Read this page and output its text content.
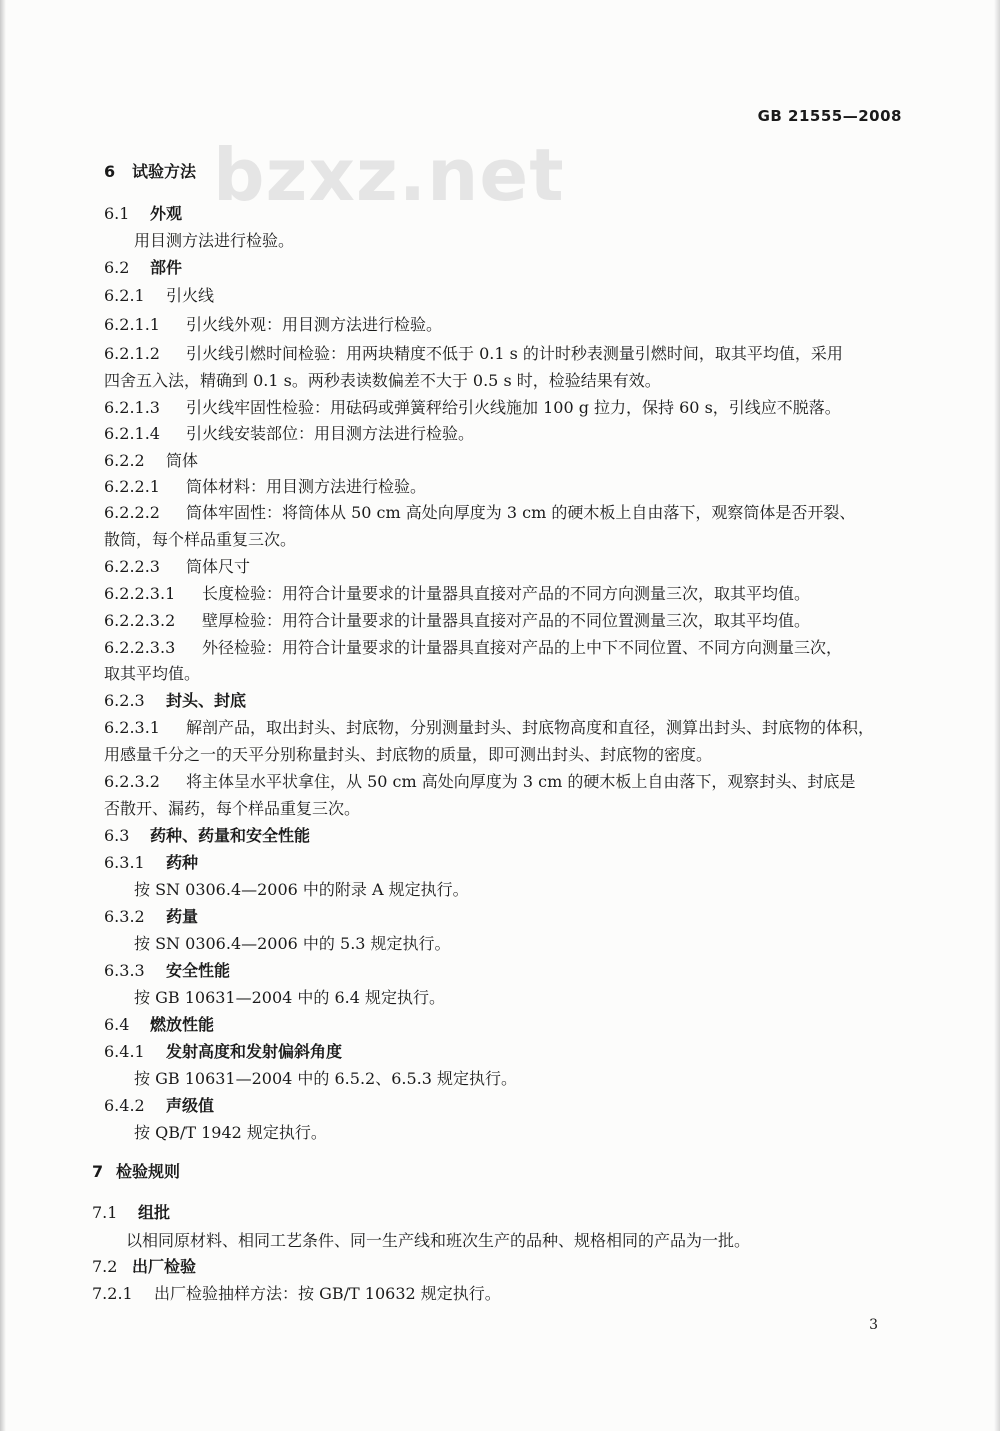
GB 21555—2008
bzxz.net
6 试验方法
6.1 外观
用目测方法进行检验。
6.2 部件
6.2.1 引火线
6.2.1.1 引火线外观：用目测方法进行检验。
6.2.1.2 引火线引燃时间检验：用两块精度不低于 0.1 s 的计时秒表测量引燃时间，取其平均值，采用
四舍五入法，精确到 0.1 s。两秒表读数偏差不大于 0.5 s 时，检验结果有效。
6.2.1.3 引火线牢固性检验：用砝码或弹簧秤给引火线施加 100 g 拉力，保持 60 s，引线应不脱落。
6.2.1.4 引火线安装部位：用目测方法进行检验。
6.2.2 筒体
6.2.2.1 筒体材料：用目测方法进行检验。
6.2.2.2 筒体牢固性：将筒体从 50 cm 高处向厚度为 3 cm 的硬木板上自由落下，观察筒体是否开裂、
散筒，每个样品重复三次。
6.2.2.3 筒体尺寸
6.2.2.3.1 长度检验：用符合计量要求的计量器具直接对产品的不同方向测量三次，取其平均值。
6.2.2.3.2 壁厚检验：用符合计量要求的计量器具直接对产品的不同位置测量三次，取其平均值。
6.2.2.3.3 外径检验：用符合计量要求的计量器具直接对产品的上中下不同位置、不同方向测量三次，
取其平均值。
6.2.3 封头、封底
6.2.3.1 解剖产品，取出封头、封底物，分别测量封头、封底物高度和直径，测算出封头、封底物的体积，
用感量千分之一的天平分别称量封头、封底物的质量，即可测出封头、封底物的密度。
6.2.3.2 将主体呈水平状拿住，从 50 cm 高处向厚度为 3 cm 的硬木板上自由落下，观察封头、封底是
否散开、漏药，每个样品重复三次。
6.3 药种、药量和安全性能
6.3.1 药种
按 SN 0306.4—2006 中的附录 A 规定执行。
6.3.2 药量
按 SN 0306.4—2006 中的 5.3 规定执行。
6.3.3 安全性能
按 GB 10631—2004 中的 6.4 规定执行。
6.4 燃放性能
6.4.1 发射高度和发射偏斜角度
按 GB 10631—2004 中的 6.5.2、6.5.3 规定执行。
6.4.2 声级值
按 QB/T 1942 规定执行。
7 检验规则
7.1 组批
以相同原材料、相同工艺条件、同一生产线和班次生产的品种、规格相同的产品为一批。
7.2 出厂检验
7.2.1 出厂检验抽样方法：按 GB/T 10632 规定执行。
3
